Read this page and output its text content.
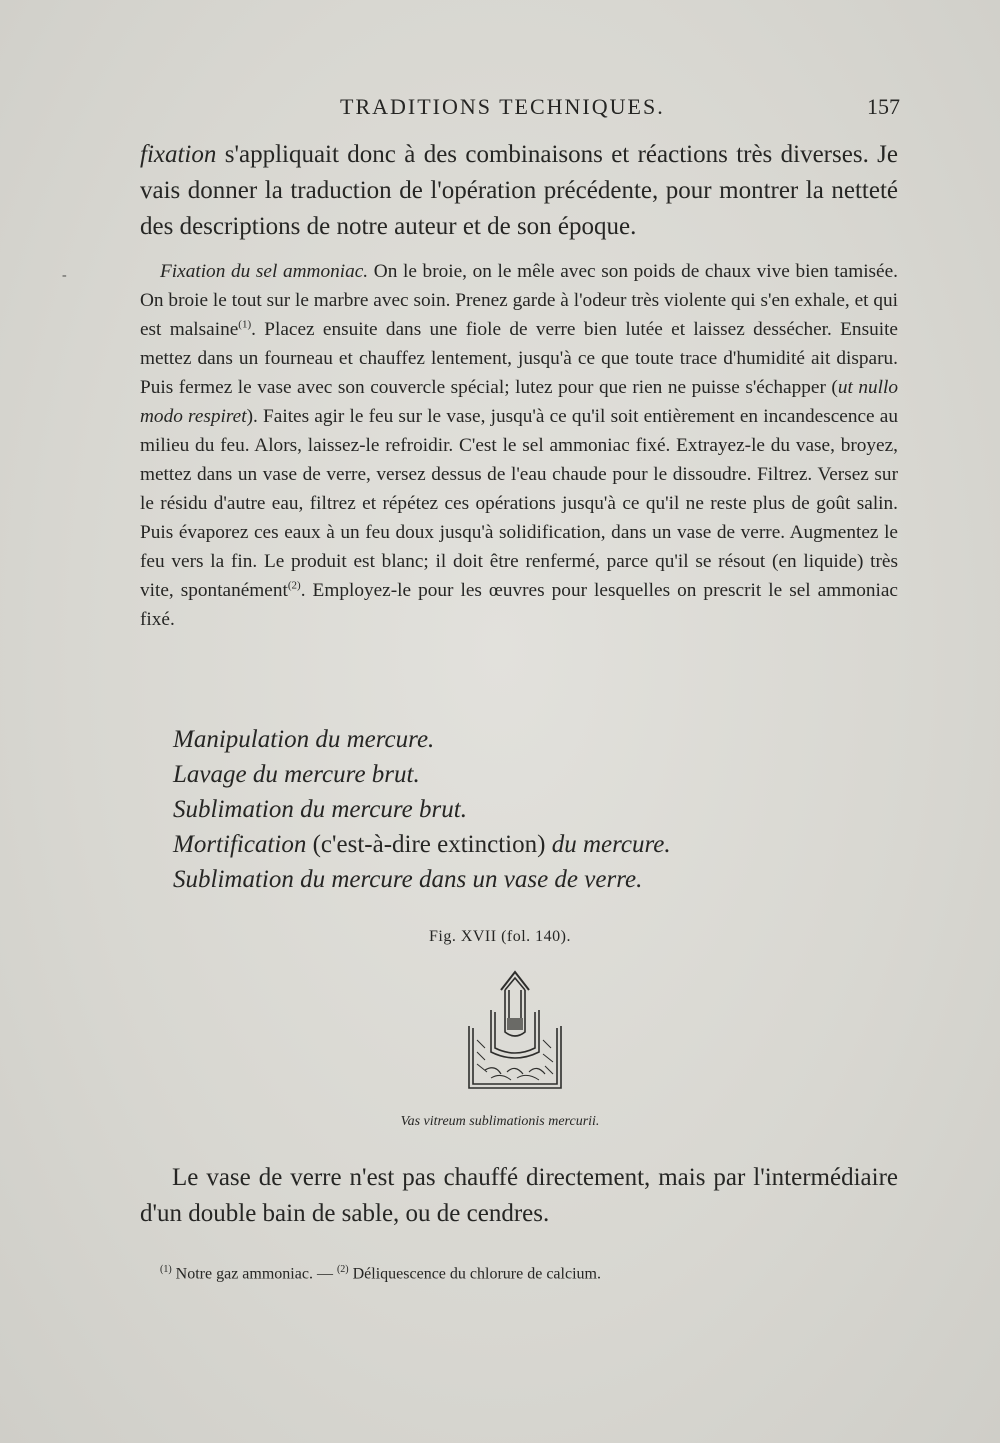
TRADITIONS TECHNIQUES.	157

fixation s'appliquait donc à des combinaisons et réactions très diverses. Je vais donner la traduction de l'opération précédente, pour montrer la netteté des descriptions de notre auteur et de son époque.

-	Fixation du sel ammoniac. On le broie, on le mêle avec son poids de chaux vive bien tamisée. On broie le tout sur le marbre avec soin. Prenez garde à l'odeur très violente qui s'en exhale, et qui est malsaine$^{(1)}$. Placez ensuite dans une fiole de verre bien lutée et laissez dessécher. Ensuite mettez dans un fourneau et chauffez lentement, jusqu'à ce que toute trace d'humidité ait disparu. Puis fermez le vase avec son couvercle spécial; lutez pour que rien ne puisse s'échapper (ut nullo modo respiret). Faites agir le feu sur le vase, jusqu'à ce qu'il soit entièrement en incandescence au milieu du feu. Alors, laissez-le refroidir. C'est le sel ammoniac fixé. Extrayez-le du vase, broyez, mettez dans un vase de verre, versez dessus de l'eau chaude pour le dissoudre. Filtrez. Versez sur le résidu d'autre eau, filtrez et répétez ces opérations jusqu'à ce qu'il ne reste plus de goût salin. Puis évaporez ces eaux à un feu doux jusqu'à solidification, dans un vase de verre. Augmentez le feu vers la fin. Le produit est blanc; il doit être renfermé, parce qu'il se résout (en liquide) très vite, spontanément$^{(2)}$. Employez-le pour les œuvres pour lesquelles on prescrit le sel ammoniac fixé.

Manipulation du mercure.
Lavage du mercure brut.
Sublimation du mercure brut.
Mortification (c'est-à-dire extinction) du mercure.
Sublimation du mercure dans un vase de verre.
Fig. XVII (fol. 140).
Vas vitreum sublimationis mercurii.

Le vase de verre n'est pas chauffé directement, mais par l'intermédiaire d'un double bain de sable, ou de cendres.

$^{(1)}$ Notre gaz ammoniac. — $^{(2)}$ Déliquescence du chlorure de calcium.
